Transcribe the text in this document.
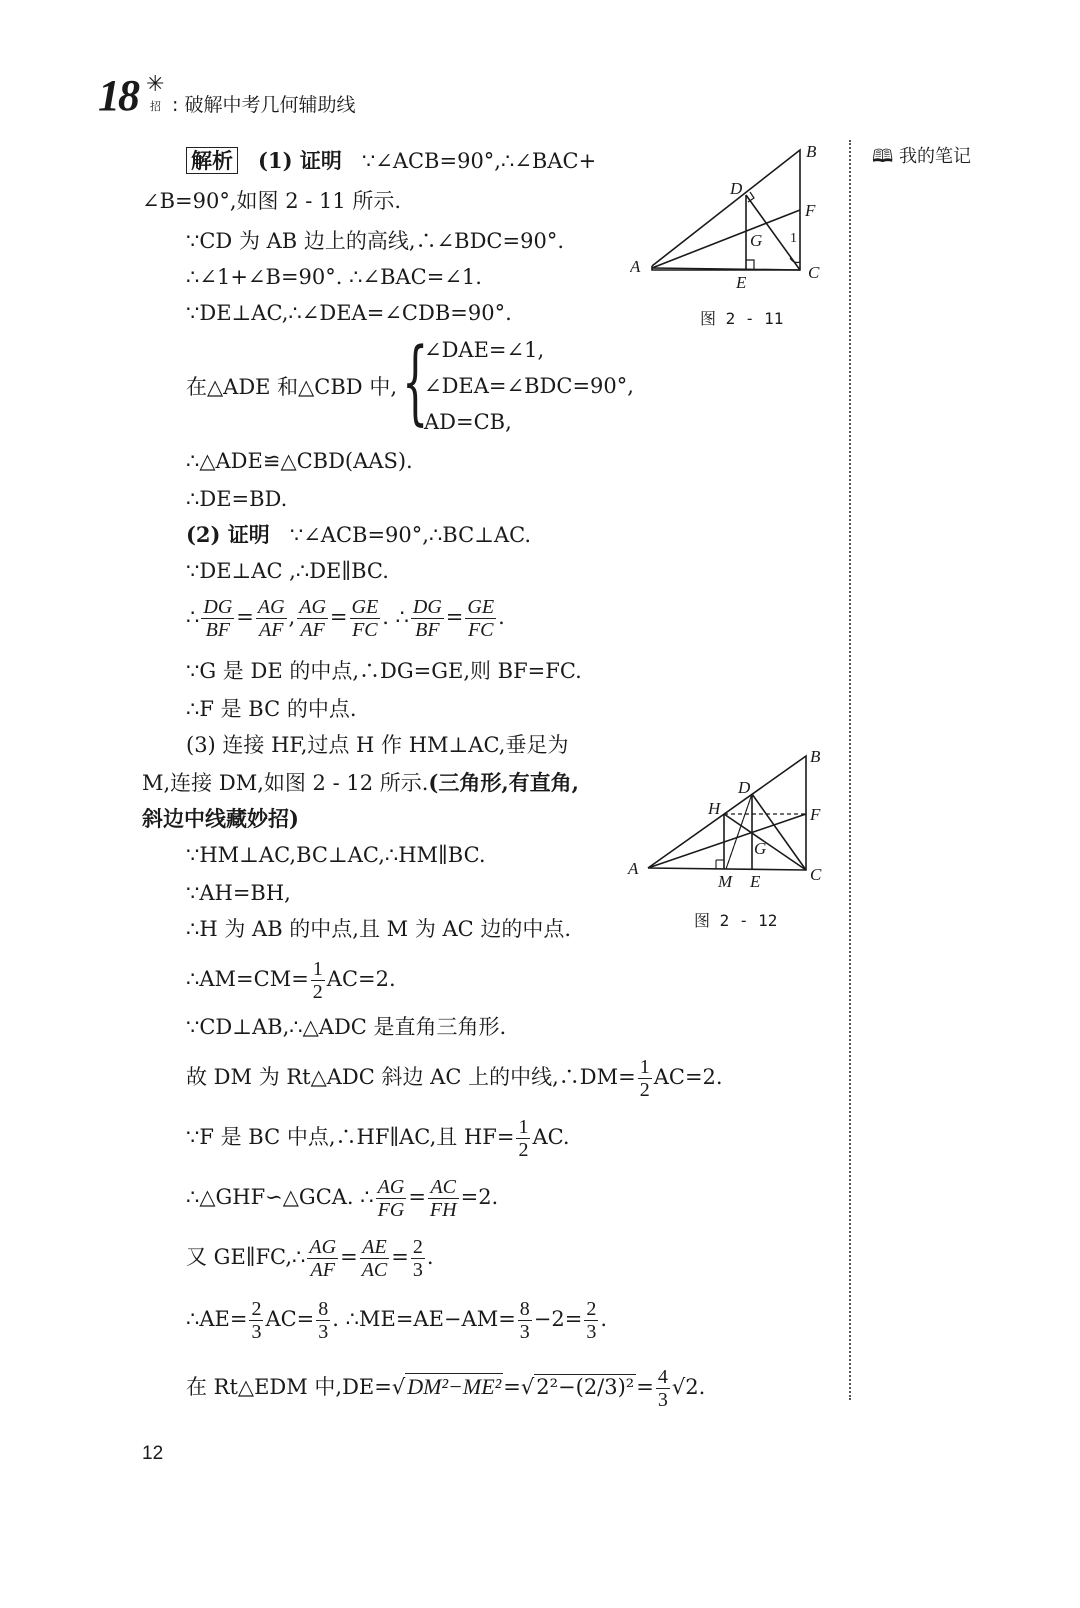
18 ✳
招 : 破解中考几何辅助线
🕮 我的笔记
A
B
C
D
E
F
G 1
图 2 - 11
A
B
C
D
E
F
G
H
M
图 2 - 12
解析 (1) 证明 ∵∠ACB=90°,∴∠BAC+
∠B=90°,如图 2 - 11 所示.
∵CD 为 AB 边上的高线,∴∠BDC=90°.
∴∠1+∠B=90°. ∴∠BAC=∠1.
∵DE⊥AC,∴∠DEA=∠CDB=90°.
在△ADE 和△CBD 中, {
∠DAE=∠1,
∠DEA=∠BDC=90°,
AD=CB,
∴△ADE≌△CBD(AAS).
∴DE=BD.
(2) 证明 ∵∠ACB=90°,∴BC⊥AC.
∵DE⊥AC ,∴DE∥BC.
∴ $\frac{DG}{BF} = \frac{AG}{AF}$ , $\frac{AG}{AF} = \frac{GE}{FC}$ . ∴ $\frac{DG}{BF} = \frac{GE}{FC}$ .
∵G 是 DE 的中点,∴DG=GE,则 BF=FC.
∴F 是 BC 的中点.
(3) 连接 HF,过点 H 作 HM⊥AC,垂足为
M,连接 DM,如图 2 - 12 所示.(三角形,有直角,
斜边中线藏妙招)
∵HM⊥AC,BC⊥AC,∴HM∥BC.
∵AH=BH,
∴H 为 AB 的中点,且 M 为 AC 边的中点.
∴AM=CM= $\frac{1}{2} AC=2$.
∵CD⊥AB,∴△ADC 是直角三角形.
故 DM 为 Rt△ADC 斜边 AC 上的中线,∴DM= $\frac{1}{2} AC=2$.
∵F 是 BC 中点,∴HF∥AC,且 $HF= \frac{1}{2}$ AC.
∴△GHF∽△GCA. ∴ $\frac{AG}{FG} = \frac{AC}{FH} =2$.
又 GE∥FC,∴ $\frac{AG}{AF} = \frac{AE}{AC} = \frac{2}{3}$ .
∴AE= $\frac{2}{3} AC= \frac{8}{3}$ . ∴ME=AE−AM= $\frac{8}{3} -2= \frac{2}{3}$ .
在 Rt△EDM 中$,DE=√DM^2-ME^2=√2^2-(2/3)^2= \frac{4}{3} √2$.
12
